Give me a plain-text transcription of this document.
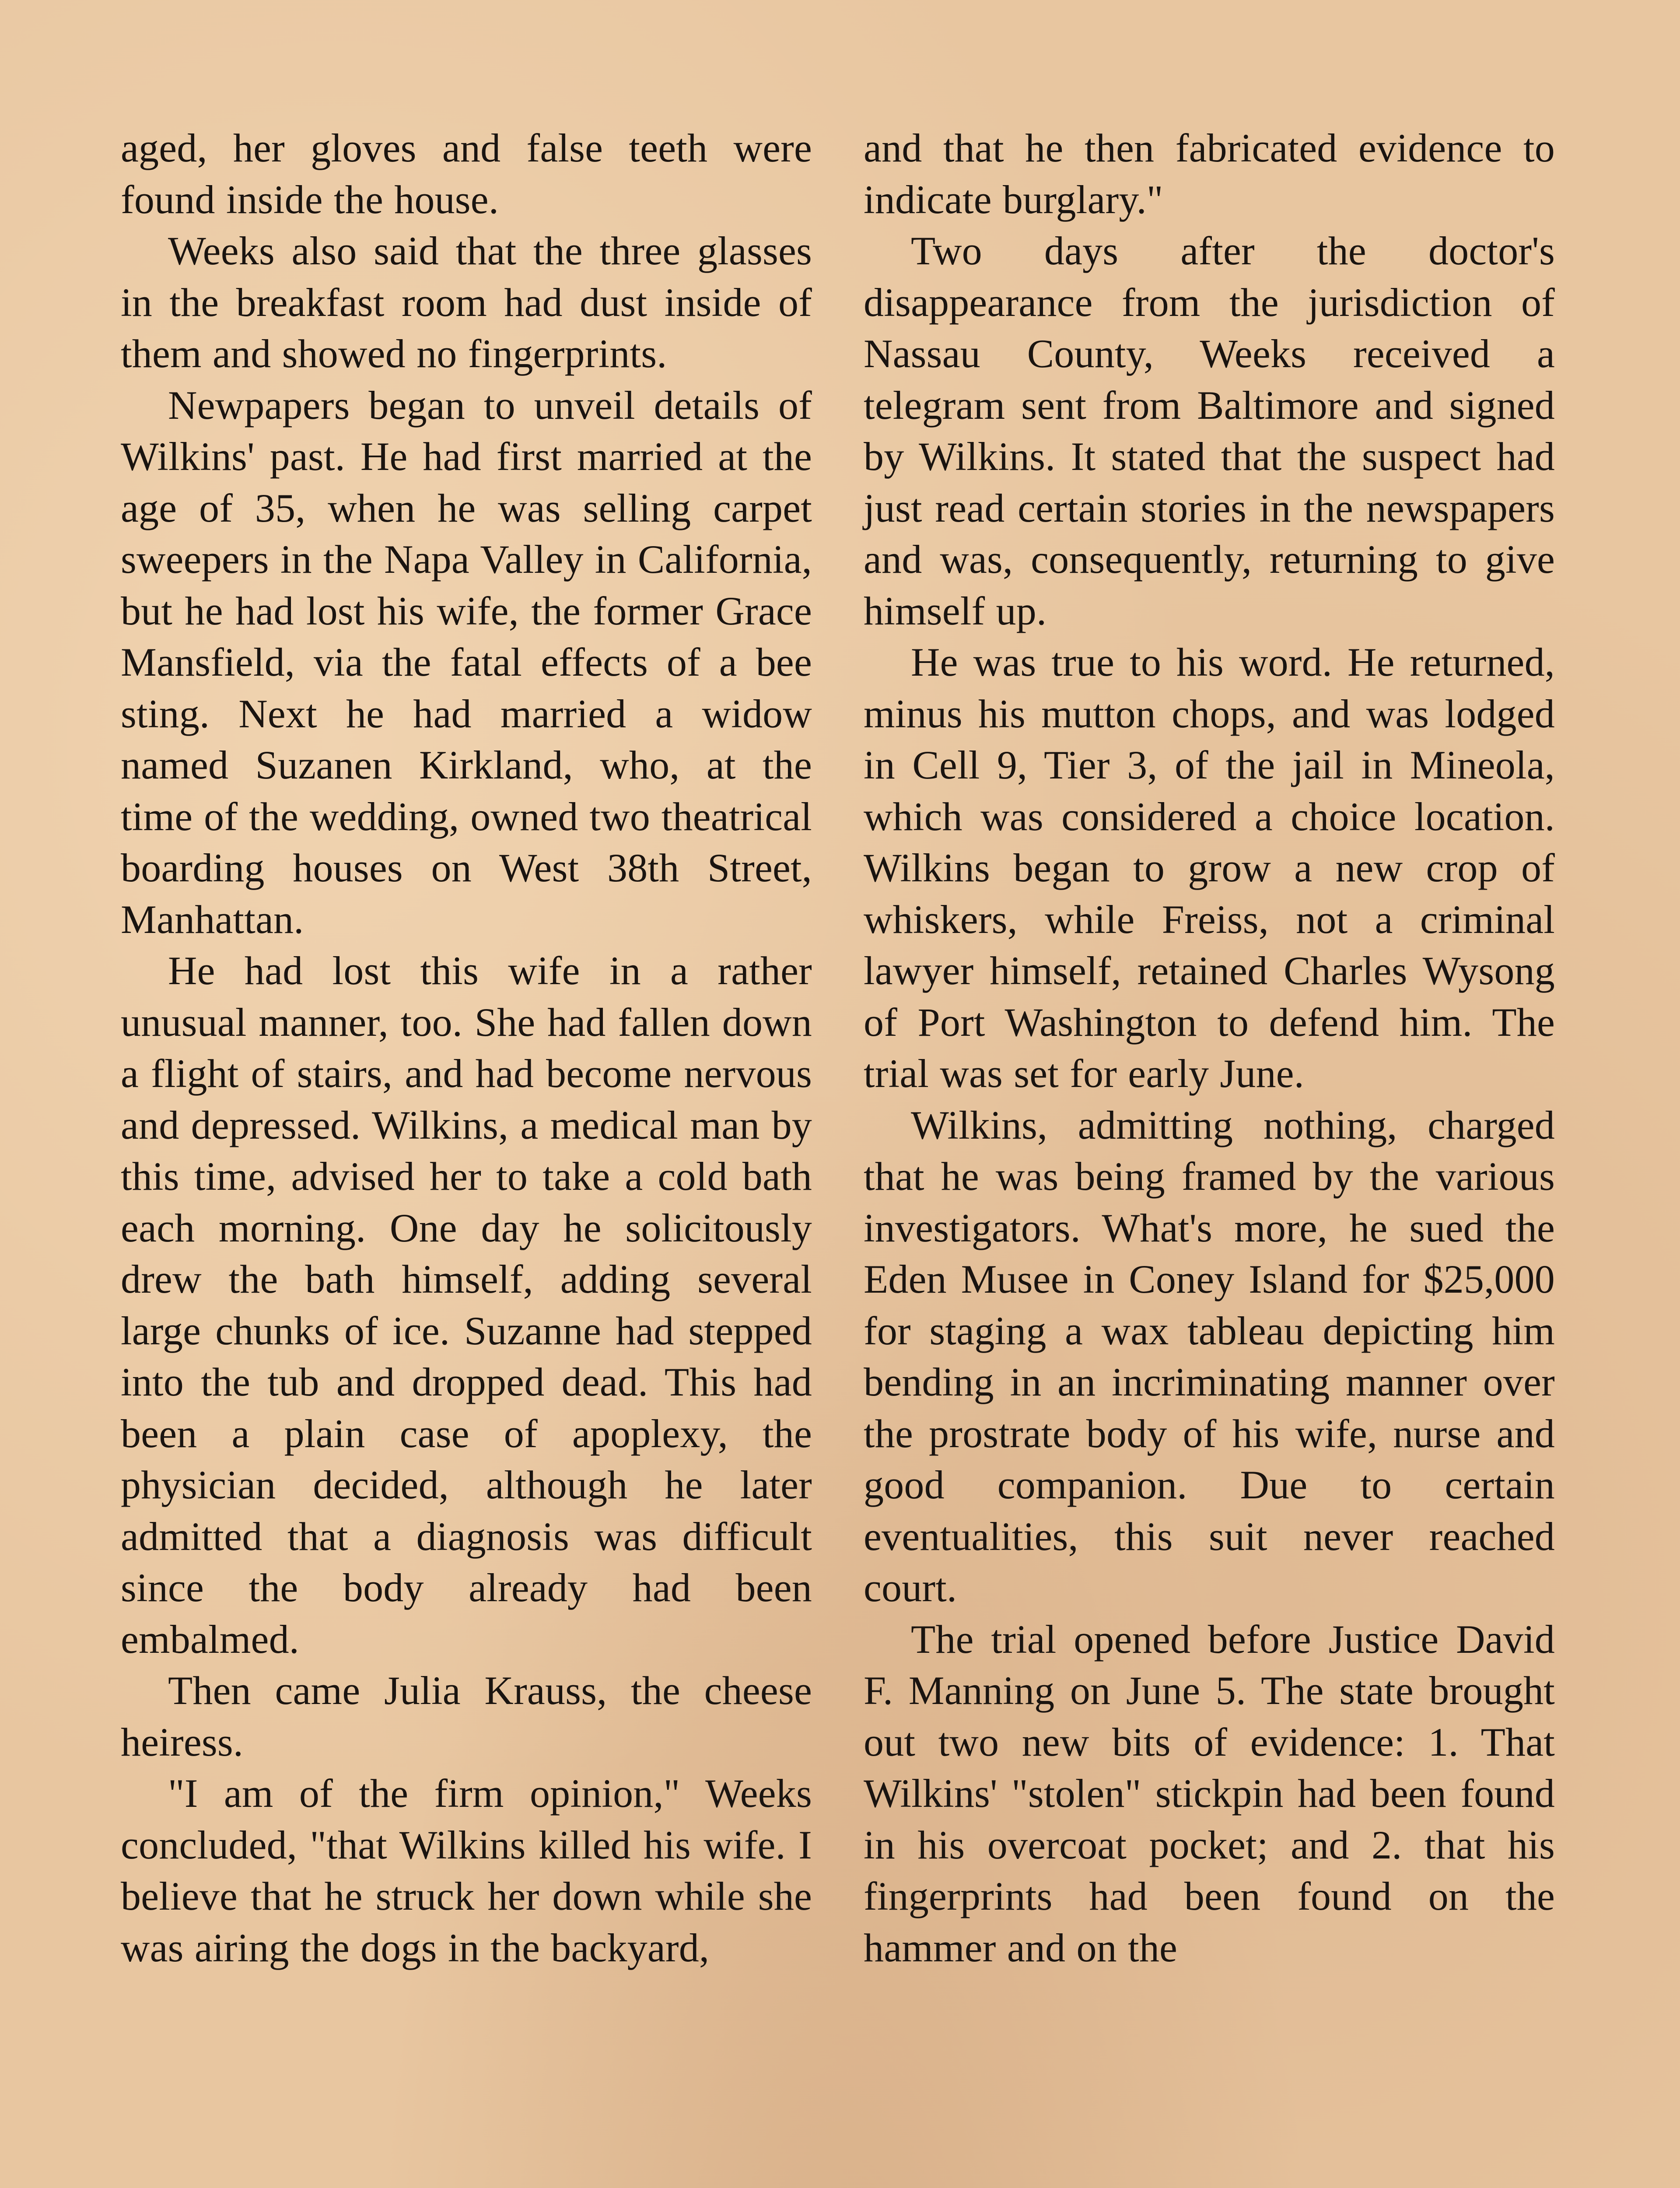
aged, her gloves and false teeth were found inside the house.

Weeks also said that the three glasses in the breakfast room had dust inside of them and showed no fingerprints.

Newpapers began to unveil details of Wilkins' past. He had first married at the age of 35, when he was selling carpet sweepers in the Napa Valley in California, but he had lost his wife, the former Grace Mansfield, via the fatal effects of a bee sting. Next he had married a widow named Suzanen Kirkland, who, at the time of the wedding, owned two theatrical boarding houses on West 38th Street, Manhattan.

He had lost this wife in a rather unusual manner, too. She had fallen down a flight of stairs, and had become nervous and depressed. Wilkins, a medical man by this time, advised her to take a cold bath each morning. One day he solicitously drew the bath himself, adding several large chunks of ice. Suzanne had stepped into the tub and dropped dead. This had been a plain case of apoplexy, the physician decided, although he later admitted that a diagnosis was difficult since the body already had been embalmed.

Then came Julia Krauss, the cheese heiress.

"I am of the firm opinion," Weeks concluded, "that Wilkins killed his wife. I believe that he struck her down while she was airing the dogs in the backyard,

and that he then fabricated evidence to indicate burglary."

Two days after the doctor's disappearance from the jurisdiction of Nassau County, Weeks received a telegram sent from Baltimore and signed by Wilkins. It stated that the suspect had just read certain stories in the newspapers and was, consequently, returning to give himself up.

He was true to his word. He returned, minus his mutton chops, and was lodged in Cell 9, Tier 3, of the jail in Mineola, which was considered a choice location. Wilkins began to grow a new crop of whiskers, while Freiss, not a criminal lawyer himself, retained Charles Wysong of Port Washington to defend him. The trial was set for early June.

Wilkins, admitting nothing, charged that he was being framed by the various investigators. What's more, he sued the Eden Musee in Coney Island for $25,000 for staging a wax tableau depicting him bending in an incriminating manner over the prostrate body of his wife, nurse and good companion. Due to certain eventualities, this suit never reached court.

The trial opened before Justice David F. Manning on June 5. The state brought out two new bits of evidence: 1. That Wilkins' "stolen" stickpin had been found in his overcoat pocket; and 2. that his fingerprints had been found on the hammer and on the
